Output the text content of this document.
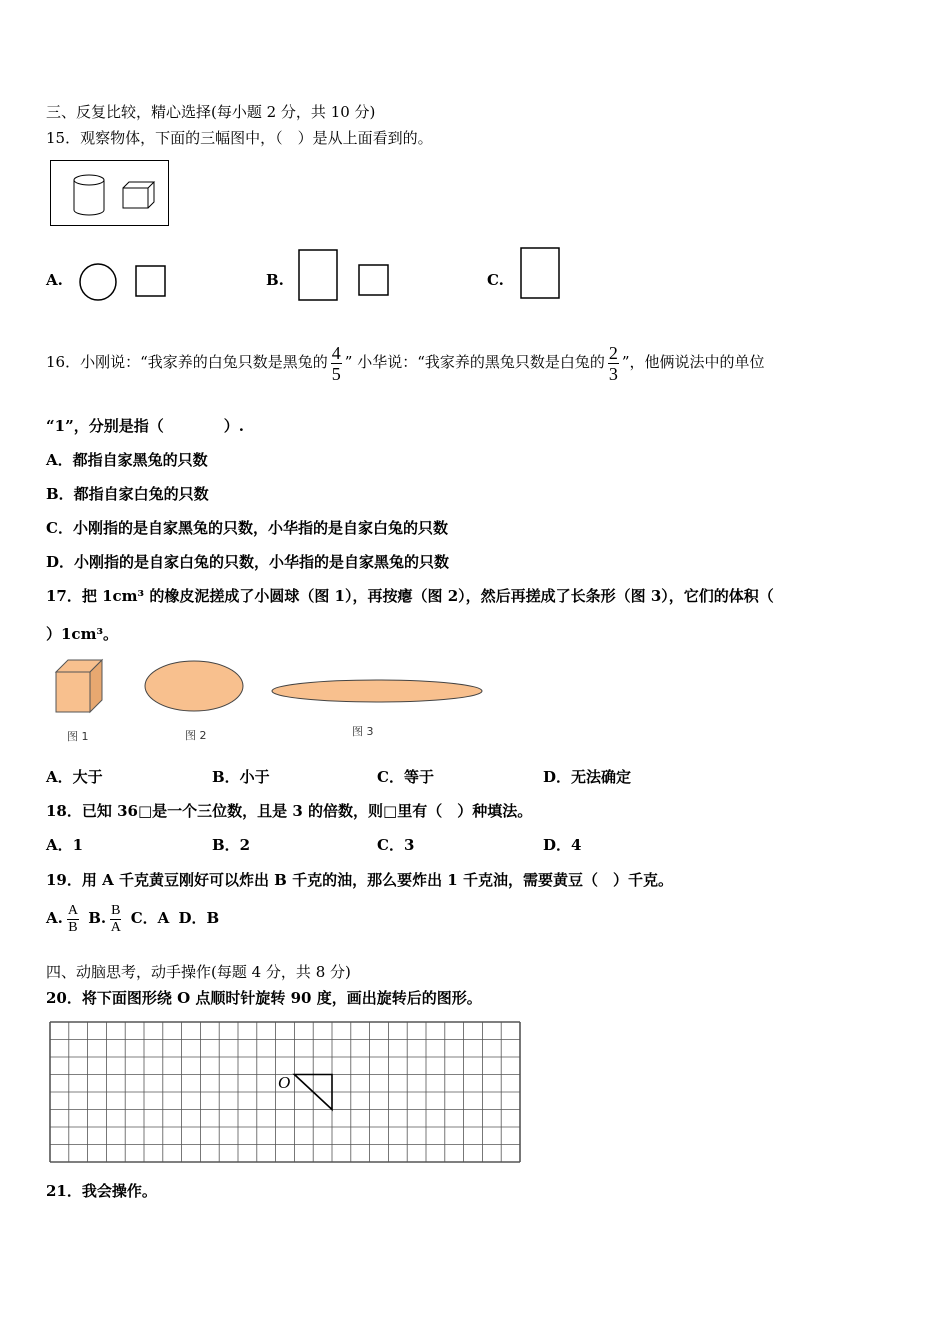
三、反复比较，精心选择(每小题 2 分，共 10 分)
15．观察物体，下面的三幅图中，（　）是从上面看到的。
A.	B.	C.
16．小刚说：“我家养的白兔只数是黑兔的 $\frac{4}{5}$ ” 小华说：“我家养的黑兔只数是白兔的 $\frac{2}{3}$ ”，他俩说法中的单位
“1”，分别是指（　　　　）.
A．都指自家黑兔的只数
B．都指自家白兔的只数
C．小刚指的是自家黑兔的只数，小华指的是自家白兔的只数
D．小刚指的是自家白兔的只数，小华指的是自家黑兔的只数
17．把 1cm³ 的橡皮泥搓成了小圆球（图 1），再按瘪（图 2），然后再搓成了长条形（图 3），它们的体积（
）1cm³。
图 1	图 2	图 3
A．大于	B．小于	C．等于	D．无法确定
18．已知 36□是一个三位数，且是 3 的倍数，则□里有（　）种填法。
A．1	B．2	C．3	D．4
19．用 A 千克黄豆刚好可以炸出 B 千克的油，那么要炸出 1 千克油，需要黄豆（　）千克。
A. $\frac{A}{B} B$. $\frac{B}{A}$ C．A D．B
四、动脑思考，动手操作(每题 4 分，共 8 分)
20．将下面图形绕 O 点顺时针旋转 90 度，画出旋转后的图形。
O
21．我会操作。
